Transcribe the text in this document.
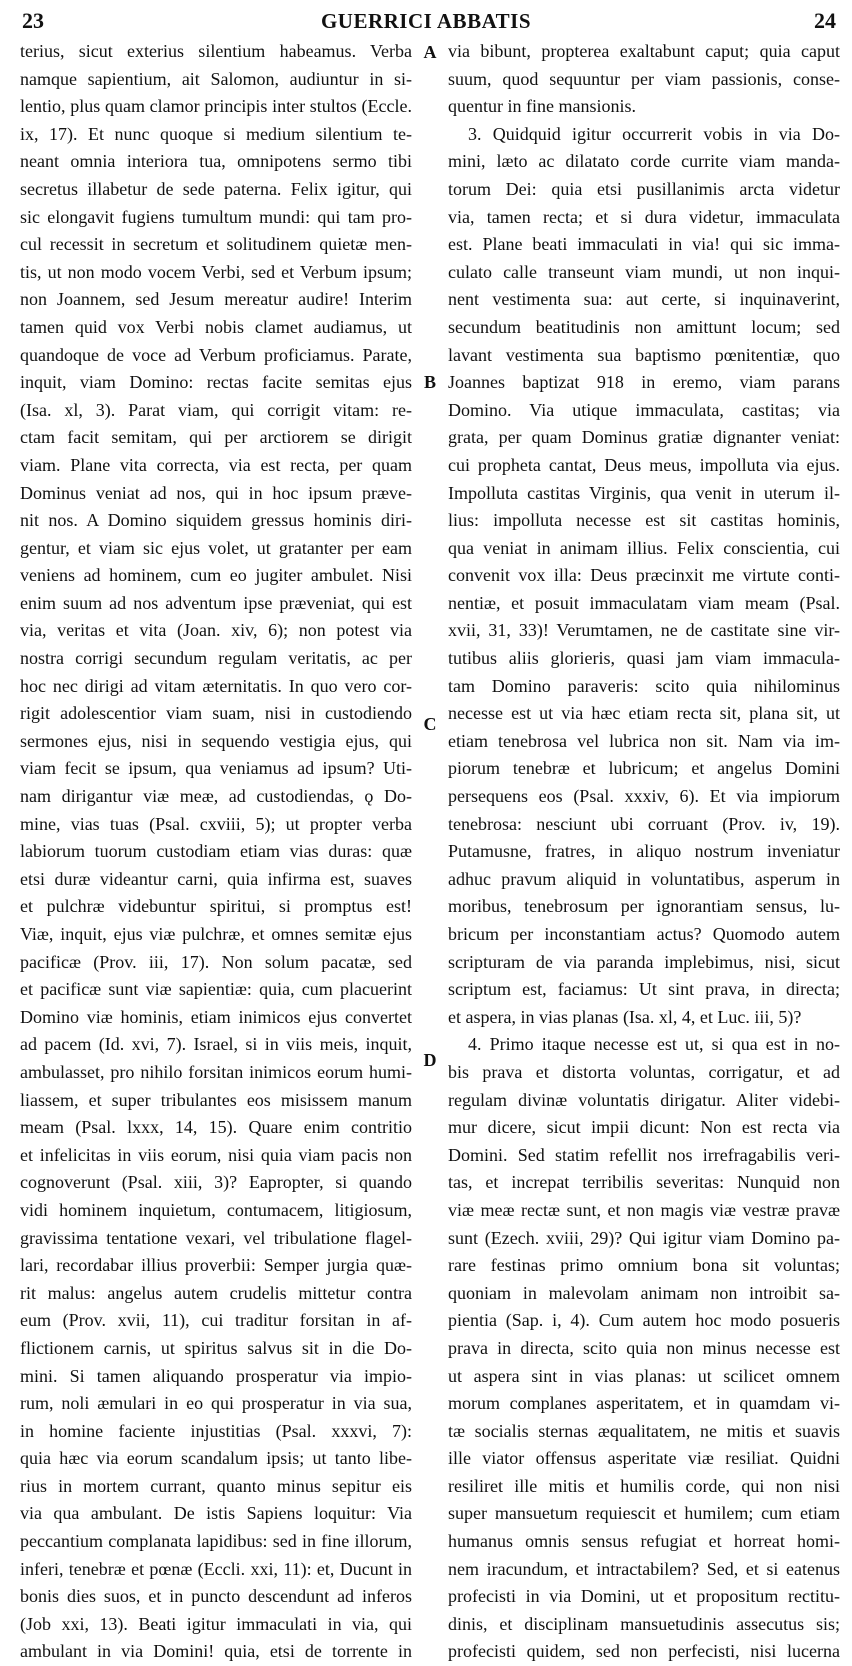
23	GUERRICI ABBATIS	24
A
B
C
D
terius, sicut exterius silentium habeamus. Verba
namque sapientium, ait Salomon, audiuntur in si-
lentio, plus quam clamor principis inter stultos (Eccle.
ix, 17). Et nunc quoque si medium silentium te-
neant omnia interiora tua, omnipotens sermo tibi
secretus illabetur de sede paterna. Felix igitur, qui
sic elongavit fugiens tumultum mundi: qui tam pro-
cul recessit in secretum et solitudinem quietæ men-
tis, ut non modo vocem Verbi, sed et Verbum ipsum;
non Joannem, sed Jesum mereatur audire! Interim
tamen quid vox Verbi nobis clamet audiamus, ut
quandoque de voce ad Verbum proficiamus. Parate,
inquit, viam Domino: rectas facite semitas ejus
(Isa. xl, 3). Parat viam, qui corrigit vitam: re-
ctam facit semitam, qui per arctiorem se dirigit
viam. Plane vita correcta, via est recta, per quam
Dominus veniat ad nos, qui in hoc ipsum præve-
nit nos. A Domino siquidem gressus hominis diri-
gentur, et viam sic ejus volet, ut gratanter per eam
veniens ad hominem, cum eo jugiter ambulet. Nisi
enim suum ad nos adventum ipse præveniat, qui est
via, veritas et vita (Joan. xiv, 6); non potest via
nostra corrigi secundum regulam veritatis, ac per
hoc nec dirigi ad vitam æternitatis. In quo vero cor-
rigit adolescentior viam suam, nisi in custodiendo
sermones ejus, nisi in sequendo vestigia ejus, qui
viam fecit se ipsum, qua veniamus ad ipsum? Uti-
nam dirigantur viæ meæ, ad custodiendas, ǫ Do-
mine, vias tuas (Psal. cxviii, 5); ut propter verba
labiorum tuorum custodiam etiam vias duras: quæ
etsi duræ videantur carni, quia infirma est, suaves
et pulchræ videbuntur spiritui, si promptus est!
Viæ, inquit, ejus viæ pulchræ, et omnes semitæ ejus
pacificæ (Prov. iii, 17). Non solum pacatæ, sed
et pacificæ sunt viæ sapientiæ: quia, cum placuerint
Domino viæ hominis, etiam inimicos ejus convertet
ad pacem (Id. xvi, 7). Israel, si in viis meis, inquit,
ambulasset, pro nihilo forsitan inimicos eorum humi-
liassem, et super tribulantes eos misissem manum
meam (Psal. lxxx, 14, 15). Quare enim contritio
et infelicitas in viis eorum, nisi quia viam pacis non
cognoverunt (Psal. xiii, 3)? Eapropter, si quando
vidi hominem inquietum, contumacem, litigiosum,
gravissima tentatione vexari, vel tribulatione flagel-
lari, recordabar illius proverbii: Semper jurgia quæ-
rit malus: angelus autem crudelis mittetur contra
eum (Prov. xvii, 11), cui traditur forsitan in af-
flictionem carnis, ut spiritus salvus sit in die Do-
mini. Si tamen aliquando prosperatur via impio-
rum, noli æmulari in eo qui prosperatur in via sua,
in homine faciente injustitias (Psal. xxxvi, 7):
quia hæc via eorum scandalum ipsis; ut tanto libe-
rius in mortem currant, quanto minus sepitur eis
via qua ambulant. De istis Sapiens loquitur: Via
peccantium complanata lapidibus: sed in fine illorum,
inferi, tenebræ et pœnæ (Eccli. xxi, 11): et, Ducunt in
bonis dies suos, et in puncto descendunt ad inferos
(Job xxi, 13). Beati igitur immaculati in via, qui
ambulant in via Domini! quia, etsi de torrente in
via bibunt, propterea exaltabunt caput; quia caput
suum, quod sequuntur per viam passionis, conse-
quentur in fine mansionis.
3. Quidquid igitur occurrerit vobis in via Do-
mini, læto ac dilatato corde currite viam manda-
torum Dei: quia etsi pusillanimis arcta videtur
via, tamen recta; et si dura videtur, immaculata
est. Plane beati immaculati in via! qui sic imma-
culato calle transeunt viam mundi, ut non inqui-
nent vestimenta sua: aut certe, si inquinaverint,
secundum beatitudinis non amittunt locum; sed
lavant vestimenta sua baptismo pœnitentiæ, quo
Joannes baptizat 918 in eremo, viam parans
Domino. Via utique immaculata, castitas; via
grata, per quam Dominus gratiæ dignanter veniat:
cui propheta cantat, Deus meus, impolluta via ejus.
Impolluta castitas Virginis, qua venit in uterum il-
lius: impolluta necesse est sit castitas hominis,
qua veniat in animam illius. Felix conscientia, cui
convenit vox illa: Deus præcinxit me virtute conti-
nentiæ, et posuit immaculatam viam meam (Psal.
xvii, 31, 33)! Verumtamen, ne de castitate sine vir-
tutibus aliis glorieris, quasi jam viam immacula-
tam Domino paraveris: scito quia nihilominus
necesse est ut via hæc etiam recta sit, plana sit, ut
etiam tenebrosa vel lubrica non sit. Nam via im-
piorum tenebræ et lubricum; et angelus Domini
persequens eos (Psal. xxxiv, 6). Et via impiorum
tenebrosa: nesciunt ubi corruant (Prov. iv, 19).
Putamusne, fratres, in aliquo nostrum inveniatur
adhuc pravum aliquid in voluntatibus, asperum in
moribus, tenebrosum per ignorantiam sensus, lu-
bricum per inconstantiam actus? Quomodo autem
scripturam de via paranda implebimus, nisi, sicut
scriptum est, faciamus: Ut sint prava, in directa;
et aspera, in vias planas (Isa. xl, 4, et Luc. iii, 5)?
4. Primo itaque necesse est ut, si qua est in no-
bis prava et distorta voluntas, corrigatur, et ad
regulam divinæ voluntatis dirigatur. Aliter videbi-
mur dicere, sicut impii dicunt: Non est recta via
Domini. Sed statim refellit nos irrefragabilis veri-
tas, et increpat terribilis severitas: Nunquid non
viæ meæ rectæ sunt, et non magis viæ vestræ pravæ
sunt (Ezech. xviii, 29)? Qui igitur viam Domino pa-
rare festinas primo omnium bona sit voluntas;
quoniam in malevolam animam non introibit sa-
pientia (Sap. i, 4). Cum autem hoc modo posueris
prava in directa, scito quia non minus necesse est
ut aspera sint in vias planas: ut scilicet omnem
morum complanes asperitatem, et in quamdam vi-
tæ socialis sternas æqualitatem, ne mitis et suavis
ille viator offensus asperitate viæ resiliat. Quidni
resiliret ille mitis et humilis corde, qui non nisi
super mansuetum requiescit et humilem; cum etiam
humanus omnis sensus refugiat et horreat homi-
nem iracundum, et intractabilem? Sed, et si eatenus
profecisti in via Domini, ut et propositum rectitu-
dinis, et disciplinam mansuetudinis assecutus sis;
profecisti quidem, sed non perfecisti, nisi lucerna
